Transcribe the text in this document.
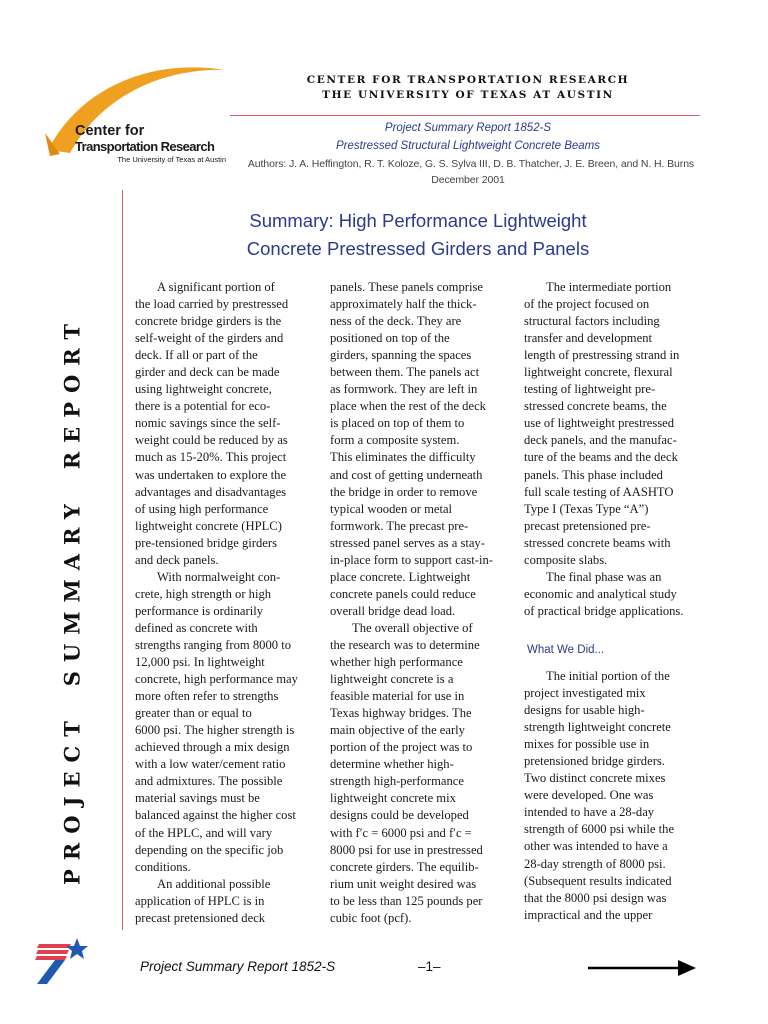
Center for
Transportation Research
The University of Texas at Austin
CENTER FOR TRANSPORTATION RESEARCH
THE UNIVERSITY OF TEXAS AT AUSTIN
Project Summary Report 1852-S
Prestressed Structural Lightweight Concrete Beams
Authors: J. A. Heffington, R. T. Koloze, G. S. Sylva III, D. B. Thatcher, J. E. Breen, and N. H. Burns
December 2001
PROJECT
SUMMARY
REPORT
Summary: High Performance Lightweight
Concrete Prestressed Girders and Panels
A significant portion of
the load carried by prestressed
concrete bridge girders is the
self-weight of the girders and
deck. If all or part of the
girder and deck can be made
using lightweight concrete,
there is a potential for eco-
nomic savings since the self-
weight could be reduced by as
much as 15-20%. This project
was undertaken to explore the
advantages and disadvantages
of using high performance
lightweight concrete (HPLC)
pre-tensioned bridge girders
and deck panels.
With normalweight con-
crete, high strength or high
performance is ordinarily
defined as concrete with
strengths ranging from 8000 to
12,000 psi. In lightweight
concrete, high performance may
more often refer to strengths
greater than or equal to
6000 psi. The higher strength is
achieved through a mix design
with a low water/cement ratio
and admixtures. The possible
material savings must be
balanced against the higher cost
of the HPLC, and will vary
depending on the specific job
conditions.
An additional possible
application of HPLC is in
precast pretensioned deck
panels. These panels comprise
approximately half the thick-
ness of the deck. They are
positioned on top of the
girders, spanning the spaces
between them. The panels act
as formwork. They are left in
place when the rest of the deck
is placed on top of them to
form a composite system.
This eliminates the difficulty
and cost of getting underneath
the bridge in order to remove
typical wooden or metal
formwork. The precast pre-
stressed panel serves as a stay-
in-place form to support cast-in-
place concrete. Lightweight
concrete panels could reduce
overall bridge dead load.
The overall objective of
the research was to determine
whether high performance
lightweight concrete is a
feasible material for use in
Texas highway bridges. The
main objective of the early
portion of the project was to
determine whether high-
strength high-performance
lightweight concrete mix
designs could be developed
with f′c = 6000 psi and f′c =
8000 psi for use in prestressed
concrete girders. The equilib-
rium unit weight desired was
to be less than 125 pounds per
cubic foot (pcf).
The intermediate portion
of the project focused on
structural factors including
transfer and development
length of prestressing strand in
lightweight concrete, flexural
testing of lightweight pre-
stressed concrete beams, the
use of lightweight prestressed
deck panels, and the manufac-
ture of the beams and the deck
panels. This phase included
full scale testing of AASHTO
Type I (Texas Type “A”)
precast pretensioned pre-
stressed concrete beams with
composite slabs.
The final phase was an
economic and analytical study
of practical bridge applications.
What We Did...
The initial portion of the
project investigated mix
designs for usable high-
strength lightweight concrete
mixes for possible use in
pretensioned bridge girders.
Two distinct concrete mixes
were developed. One was
intended to have a 28-day
strength of 6000 psi while the
other was intended to have a
28-day strength of 8000 psi.
(Subsequent results indicated
that the 8000 psi design was
impractical and the upper
Project Summary Report 1852-S	–1–
